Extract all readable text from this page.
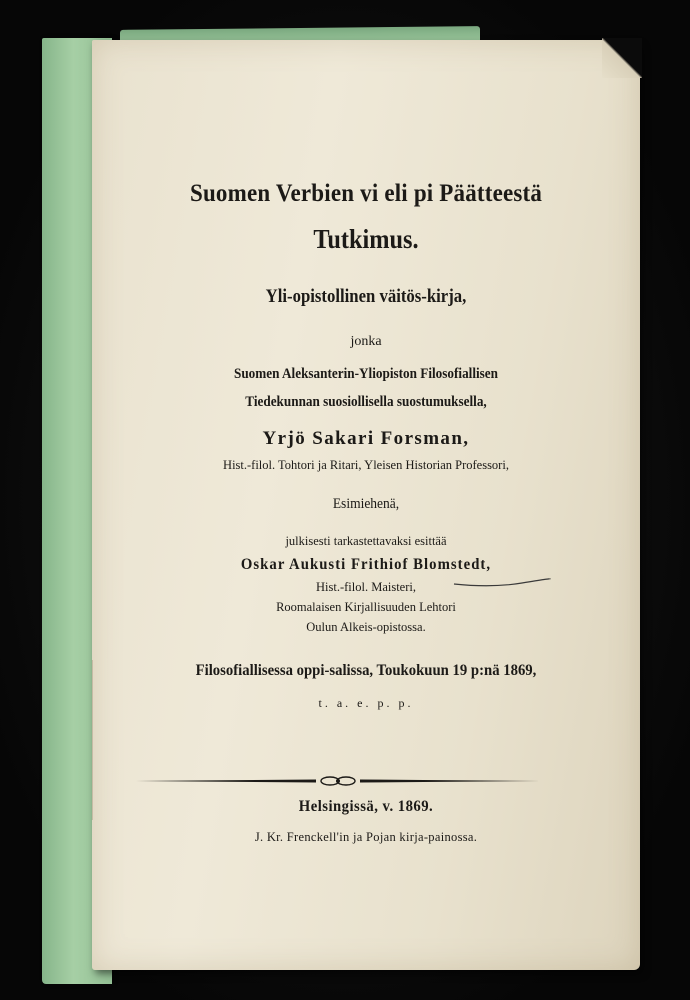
Suomen Verbien vi eli pi Päätteestä
Tutkimus.
Yli-opistollinen väitös-kirja,
jonka
Suomen Aleksanterin-Yliopiston Filosofiallisen
Tiedekunnan suosiollisella suostumuksella,
Yrjö Sakari Forsman,
Hist.-filol. Tohtori ja Ritari, Yleisen Historian Professori,
Esimiehenä,
julkisesti tarkastettavaksi esittää
Oskar Aukusti Frithiof Blomstedt,
Hist.-filol. Maisteri,
Roomalaisen Kirjallisuuden Lehtori
Oulun Alkeis-opistossa.
Filosofiallisessa oppi-salissa, Toukokuun 19 p:nä 1869,
t. a. e. p. p.
Helsingissä, v. 1869.
J. Kr. Frenckell'in ja Pojan kirja-painossa.
